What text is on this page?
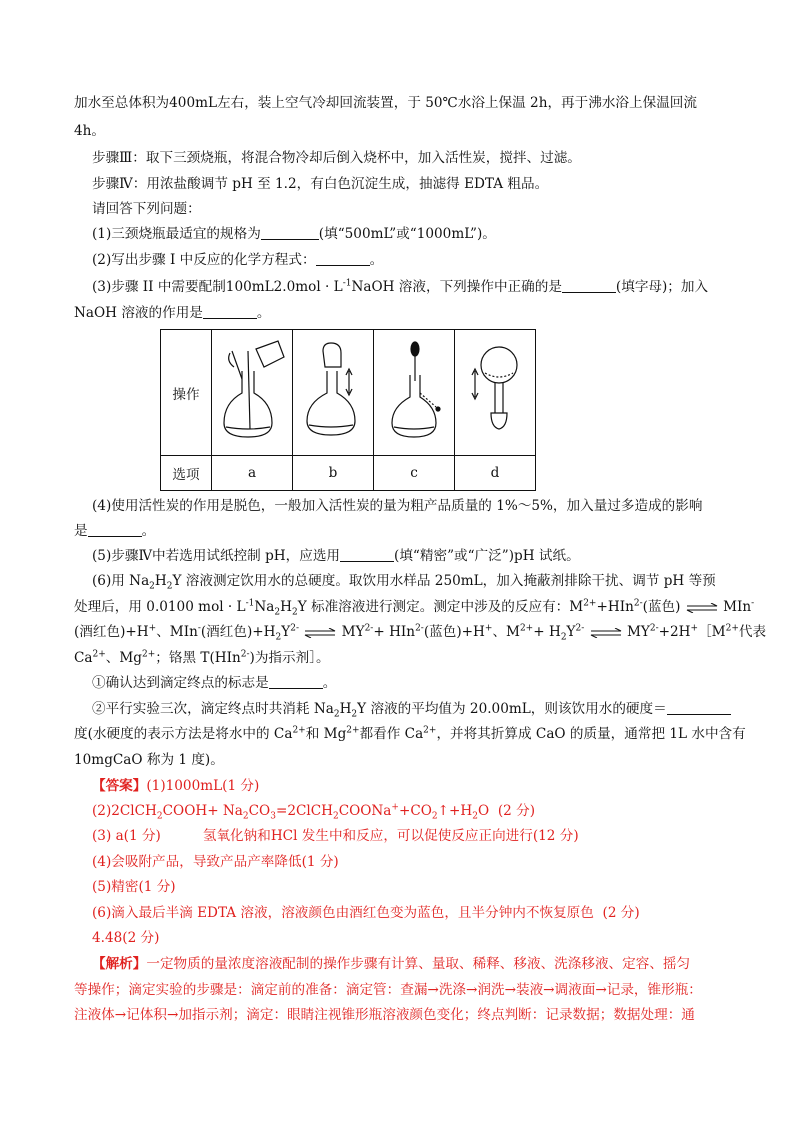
加水至总体积为400mL左右，装上空气冷却回流装置，于 50℃水浴上保温 2h，再于沸水浴上保温回流
4h。
步骤Ⅲ：取下三颈烧瓶，将混合物冷却后倒入烧杯中，加入活性炭，搅拌、过滤。
步骤Ⅳ：用浓盐酸调节 pH 至 1.2，有白色沉淀生成，抽滤得 EDTA 粗品。
请回答下列问题：
(1)三颈烧瓶最适宜的规格为	(填“500mL”或“1000mL”)。
(2)写出步骤 I 中反应的化学方程式：	。
(3)步骤 II 中需要配制$100mL2.0mol \cdot L^{-1}NaOH$ 溶液，下列操作中正确的是	(填字母)；加入
NaOH 溶液的作用是	。
操作				
选项	a	b	c	d
(4)使用活性炭的作用是脱色，一般加入活性炭的量为粗产品质量的 1%～5%，加入量过多造成的影响
是	。
(5)步骤Ⅳ中若选用试纸控制 pH，应选用	(填“精密”或“广泛”)pH 试纸。
(6)用 $Na_2H_2Y$ 溶液测定饮用水的总硬度。取饮用水样品 250mL，加入掩蔽剂排除干扰、调节 pH 等预
处理后，用 0.0100 mol · $L^{-1}Na_2H_2Y$ 标准溶液进行测定。测定中涉及的反应有：$M^{2+}+HIn^{2-}$(蓝色) ⇌ MIn-
(酒红色)+H+、MIn-(酒红色)$+H_2Y^{2-}$ ⇌ $MY^{2-}+ HIn^{2-}$(蓝色)+H+、$M^{2+}+ H_2Y^{2-}$ ⇌ $MY^{2-}+2H^+[M^{2+}$代表
$Ca^{2+}$、$Mg^{2+}$；铬黑 T(HIn$^{2-}$)为指示剂］。
①确认达到滴定终点的标志是	。
②平行实验三次，滴定终点时共消耗 $Na_2H_2Y$ 溶液的平均值为 20.00mL，则该饮用水的硬度＝
度(水硬度的表示方法是将水中的 $Ca^{2+}$和 $Mg^{2+}$都看作 $Ca^{2+}$，并将其折算成 CaO 的质量，通常把 1L 水中含有
10mgCaO 称为 1 度)。
【答案】(1)1000mL(1 分)
(2)2ClCH$_2$COOH+ $Na_2CO_3=2ClCH_2COONa^++CO_2↑+H_2O$ (2 分)
(3) a(1 分)	氢氧化钠和HCl 发生中和反应，可以促使反应正向进行(12 分)
(4)会吸附产品，导致产品产率降低(1 分)
(5)精密(1 分)
(6)滴入最后半滴 EDTA 溶液，溶液颜色由酒红色变为蓝色，且半分钟内不恢复原色 (2 分)
4.48(2 分)
【解析】一定物质的量浓度溶液配制的操作步骤有计算、量取、稀释、移液、洗涤移液、定容、摇匀
等操作；滴定实验的步骤是：滴定前的准备：滴定管：查漏→洗涤→润洗→装液→调液面→记录，锥形瓶：
注液体→记体积→加指示剂；滴定：眼睛注视锥形瓶溶液颜色变化；终点判断：记录数据；数据处理：通
